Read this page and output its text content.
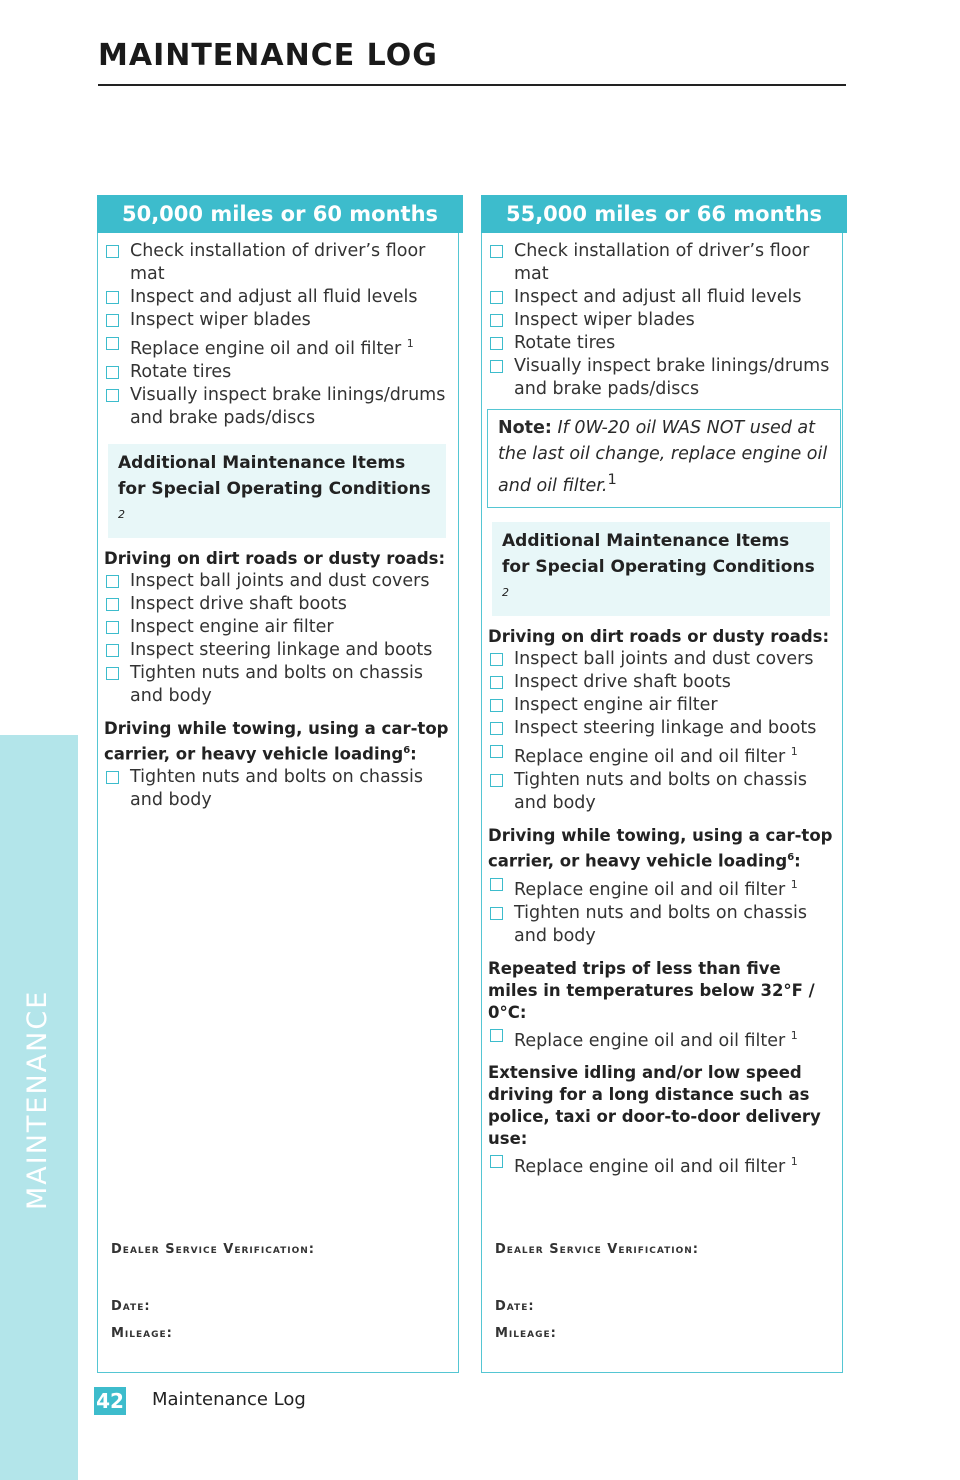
MAINTENANCE
MAINTENANCE LOG
50,000 miles or 60 months
Check installation of driver’s floor mat
Inspect and adjust all fluid levels
Inspect wiper blades
Replace engine oil and oil filter $^1$
Rotate tires
Visually inspect brake linings/drums and brake pads/discs
Additional Maintenance Items for Special Operating Conditions $^2$
Driving on dirt roads or dusty roads:
Inspect ball joints and dust covers
Inspect drive shaft boots
Inspect engine air filter
Inspect steering linkage and boots
Tighten nuts and bolts on chassis and body
Driving while towing, using a car-top carrier, or heavy vehicle loading$^6$:
Tighten nuts and bolts on chassis and body
Dealer Service Verification:
Date:
Mileage:
55,000 miles or 66 months
Check installation of driver’s floor mat
Inspect and adjust all fluid levels
Inspect wiper blades
Rotate tires
Visually inspect brake linings/drums and brake pads/discs
Note: If 0W-20 oil WAS NOT used at the last oil change, replace engine oil and oil filter.$^1$
Additional Maintenance Items for Special Operating Conditions $^2$
Driving on dirt roads or dusty roads:
Inspect ball joints and dust covers
Inspect drive shaft boots
Inspect engine air filter
Inspect steering linkage and boots
Replace engine oil and oil filter $^1$
Tighten nuts and bolts on chassis and body
Driving while towing, using a car-top carrier, or heavy vehicle loading$^6$:
Replace engine oil and oil filter $^1$
Tighten nuts and bolts on chassis and body
Repeated trips of less than five miles in temperatures below 32°F / 0°C:
Replace engine oil and oil filter $^1$
Extensive idling and/or low speed driving for a long distance such as police, taxi or door-to-door delivery use:
Replace engine oil and oil filter $^1$
Dealer Service Verification:
Date:
Mileage:
42 Maintenance Log
